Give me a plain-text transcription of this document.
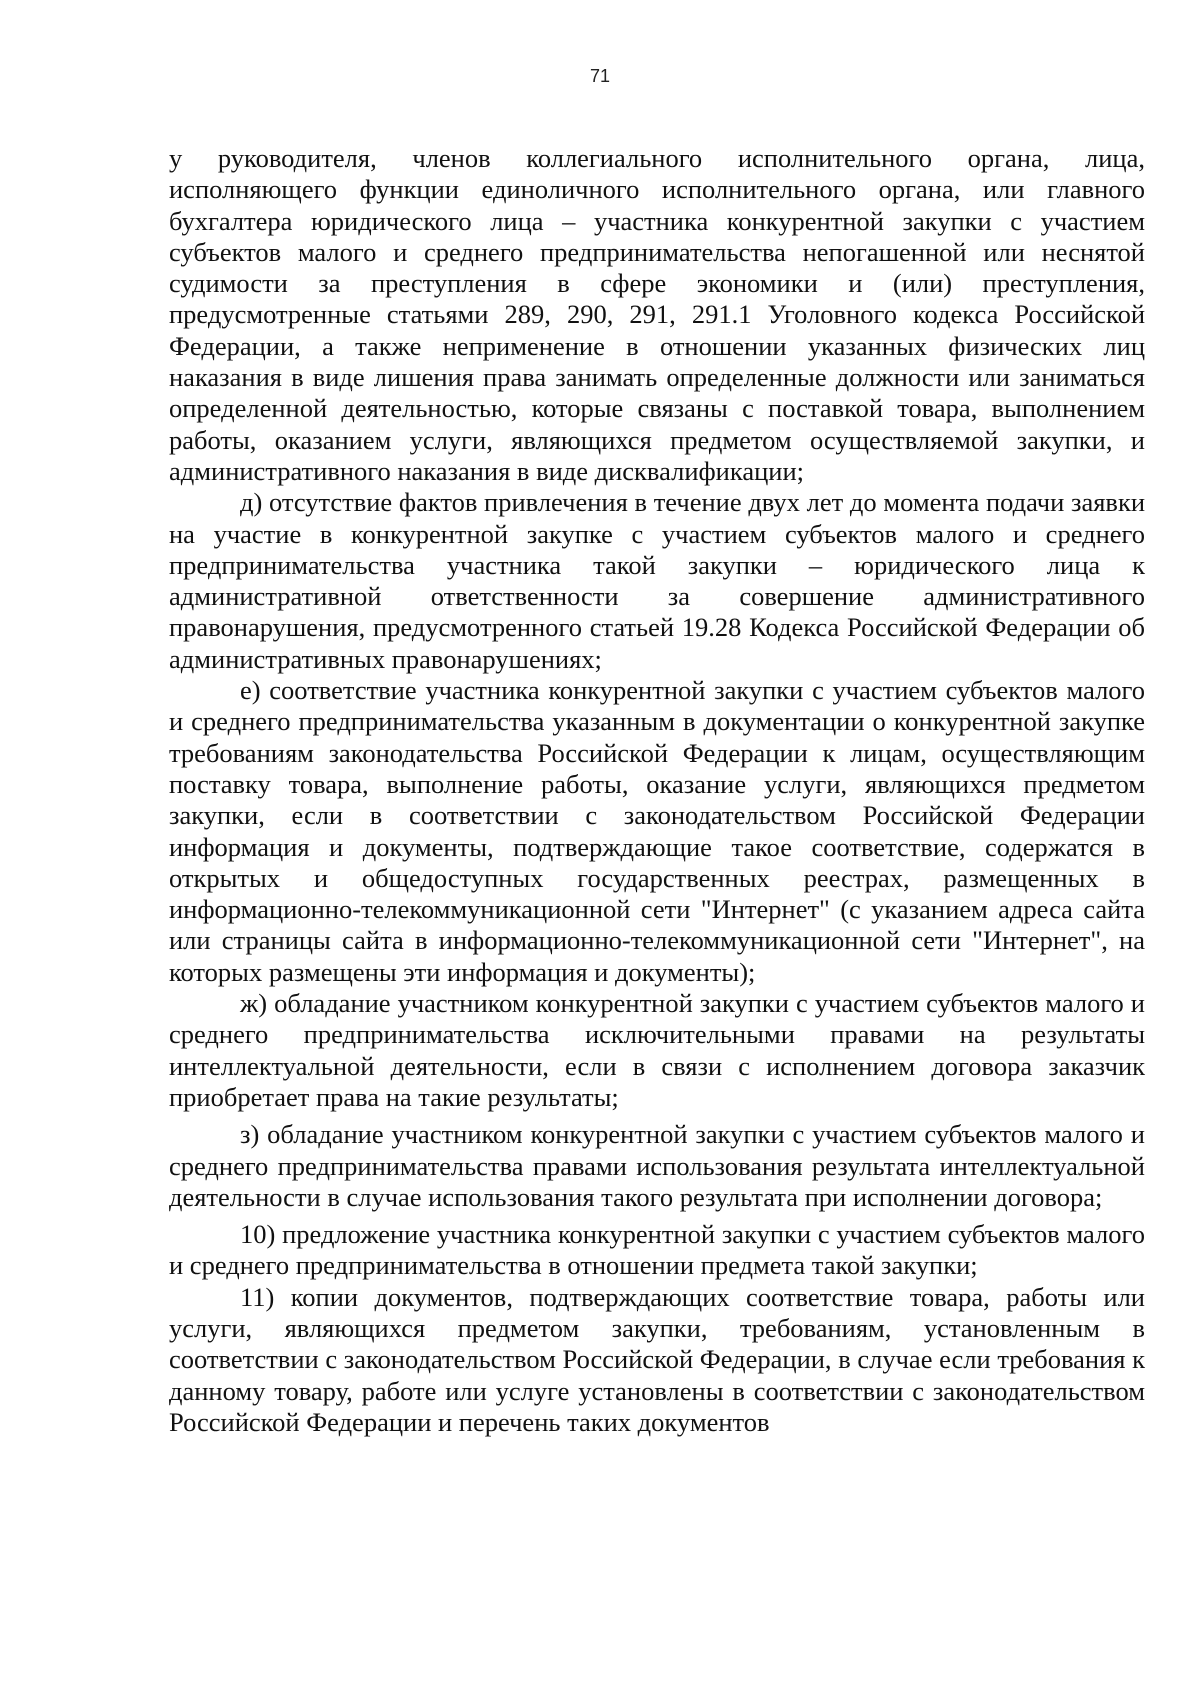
71

у руководителя, членов коллегиального исполнительного органа, лица, исполняющего функции единоличного исполнительного органа, или главного бухгалтера юридического лица – участника конкурентной закупки с участием субъектов малого и среднего предпринимательства непогашенной или неснятой судимости за преступления в сфере экономики и (или) преступления, предусмотренные статьями 289, 290, 291, 291.1 Уголовного кодекса Российской Федерации, а также неприменение в отношении указанных физических лиц наказания в виде лишения права занимать определенные должности или заниматься определенной деятельностью, которые связаны с поставкой товара, выполнением работы, оказанием услуги, являющихся предметом осуществляемой закупки, и административного наказания в виде дисквалификации;

д) отсутствие фактов привлечения в течение двух лет до момента подачи заявки на участие в конкурентной закупке с участием субъектов малого и среднего предпринимательства участника такой закупки – юридического лица к административной ответственности за совершение административного правонарушения, предусмотренного статьей 19.28 Кодекса Российской Федерации об административных правонарушениях;

е) соответствие участника конкурентной закупки с участием субъектов малого и среднего предпринимательства указанным в документации о конкурентной закупке требованиям законодательства Российской Федерации к лицам, осуществляющим поставку товара, выполнение работы, оказание услуги, являющихся предметом закупки, если в соответствии с законодательством Российской Федерации информация и документы, подтверждающие такое соответствие, содержатся в открытых и общедоступных государственных реестрах, размещенных в информационно-телекоммуникационной сети "Интернет" (с указанием адреса сайта или страницы сайта в информационно-телекоммуникационной сети "Интернет", на которых размещены эти информация и документы);

ж) обладание участником конкурентной закупки с участием субъектов малого и среднего предпринимательства исключительными правами на результаты интеллектуальной деятельности, если в связи с исполнением договора заказчик приобретает права на такие результаты;

з) обладание участником конкурентной закупки с участием субъектов малого и среднего предпринимательства правами использования результата интеллектуальной деятельности в случае использования такого результата при исполнении договора;

10) предложение участника конкурентной закупки с участием субъектов малого и среднего предпринимательства в отношении предмета такой закупки;

11) копии документов, подтверждающих соответствие товара, работы или услуги, являющихся предметом закупки, требованиям, установленным в соответствии с законодательством Российской Федерации, в случае если требования к данному товару, работе или услуге установлены в соответствии с законодательством Российской Федерации и перечень таких документов
